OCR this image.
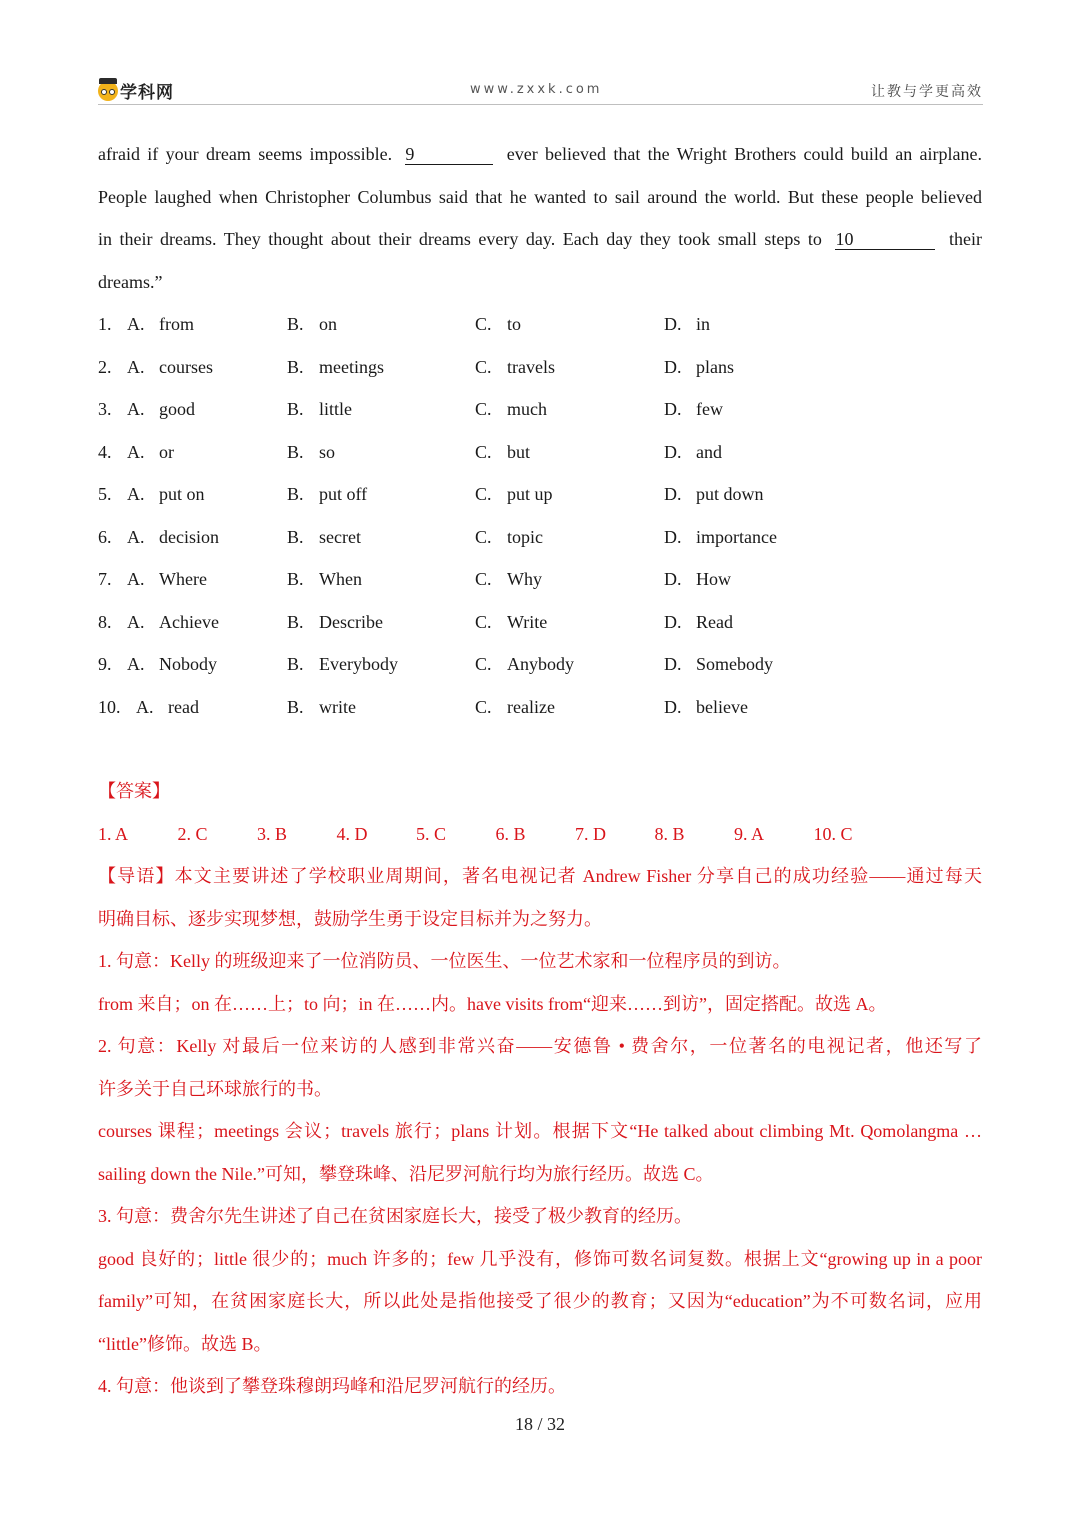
学科网	www.zxxk.com	让教与学更高效
afraid if your dream seems impossible. 9	ever believed that the Wright Brothers could build an airplane.
People laughed when Christopher Columbus said that he wanted to sail around the world. But these people believed
in their dreams. They thought about their dreams every day. Each day they took small steps to 10	their
dreams.”
1. A. from	B. on	C. to	D. in
2. A. courses	B. meetings	C. travels	D. plans
3. A. good	B. little	C. much	D. few
4. A. or	B. so	C. but	D. and
5. A. put on	B. put off	C. put up	D. put down
6. A. decision	B. secret	C. topic	D. importance
7. A. Where	B. When	C. Why	D. How
8. A. Achieve	B. Describe	C. Write	D. Read
9. A. Nobody	B. Everybody	C. Anybody	D. Somebody
10. A. read	B. write	C. realize	D. believe
【答案】
1. A	2. C	3. B	4. D	5. C	6. B	7. D	8. B	9. A	10. C
【导语】本文主要讲述了学校职业周期间，著名电视记者 Andrew Fisher 分享自己的成功经验——通过每天
明确目标、逐步实现梦想，鼓励学生勇于设定目标并为之努力。
1. 句意：Kelly 的班级迎来了一位消防员、一位医生、一位艺术家和一位程序员的到访。
from 来自；on 在……上；to 向；in 在……内。have visits from“迎来……到访”，固定搭配。故选 A。
2. 句意：Kelly 对最后一位来访的人感到非常兴奋——安德鲁 • 费舍尔，一位著名的电视记者，他还写了
许多关于自己环球旅行的书。
courses 课程；meetings 会议；travels 旅行；plans 计划。根据下文“He talked about climbing Mt. Qomolangma …
sailing down the Nile.”可知，攀登珠峰、沿尼罗河航行均为旅行经历。故选 C。
3. 句意：费舍尔先生讲述了自己在贫困家庭长大，接受了极少教育的经历。
good 良好的；little 很少的；much 许多的；few 几乎没有，修饰可数名词复数。根据上文“growing up in a poor
family”可知，在贫困家庭长大，所以此处是指他接受了很少的教育；又因为“education”为不可数名词，应用
“little”修饰。故选 B。
4. 句意：他谈到了攀登珠穆朗玛峰和沿尼罗河航行的经历。
18 / 32
